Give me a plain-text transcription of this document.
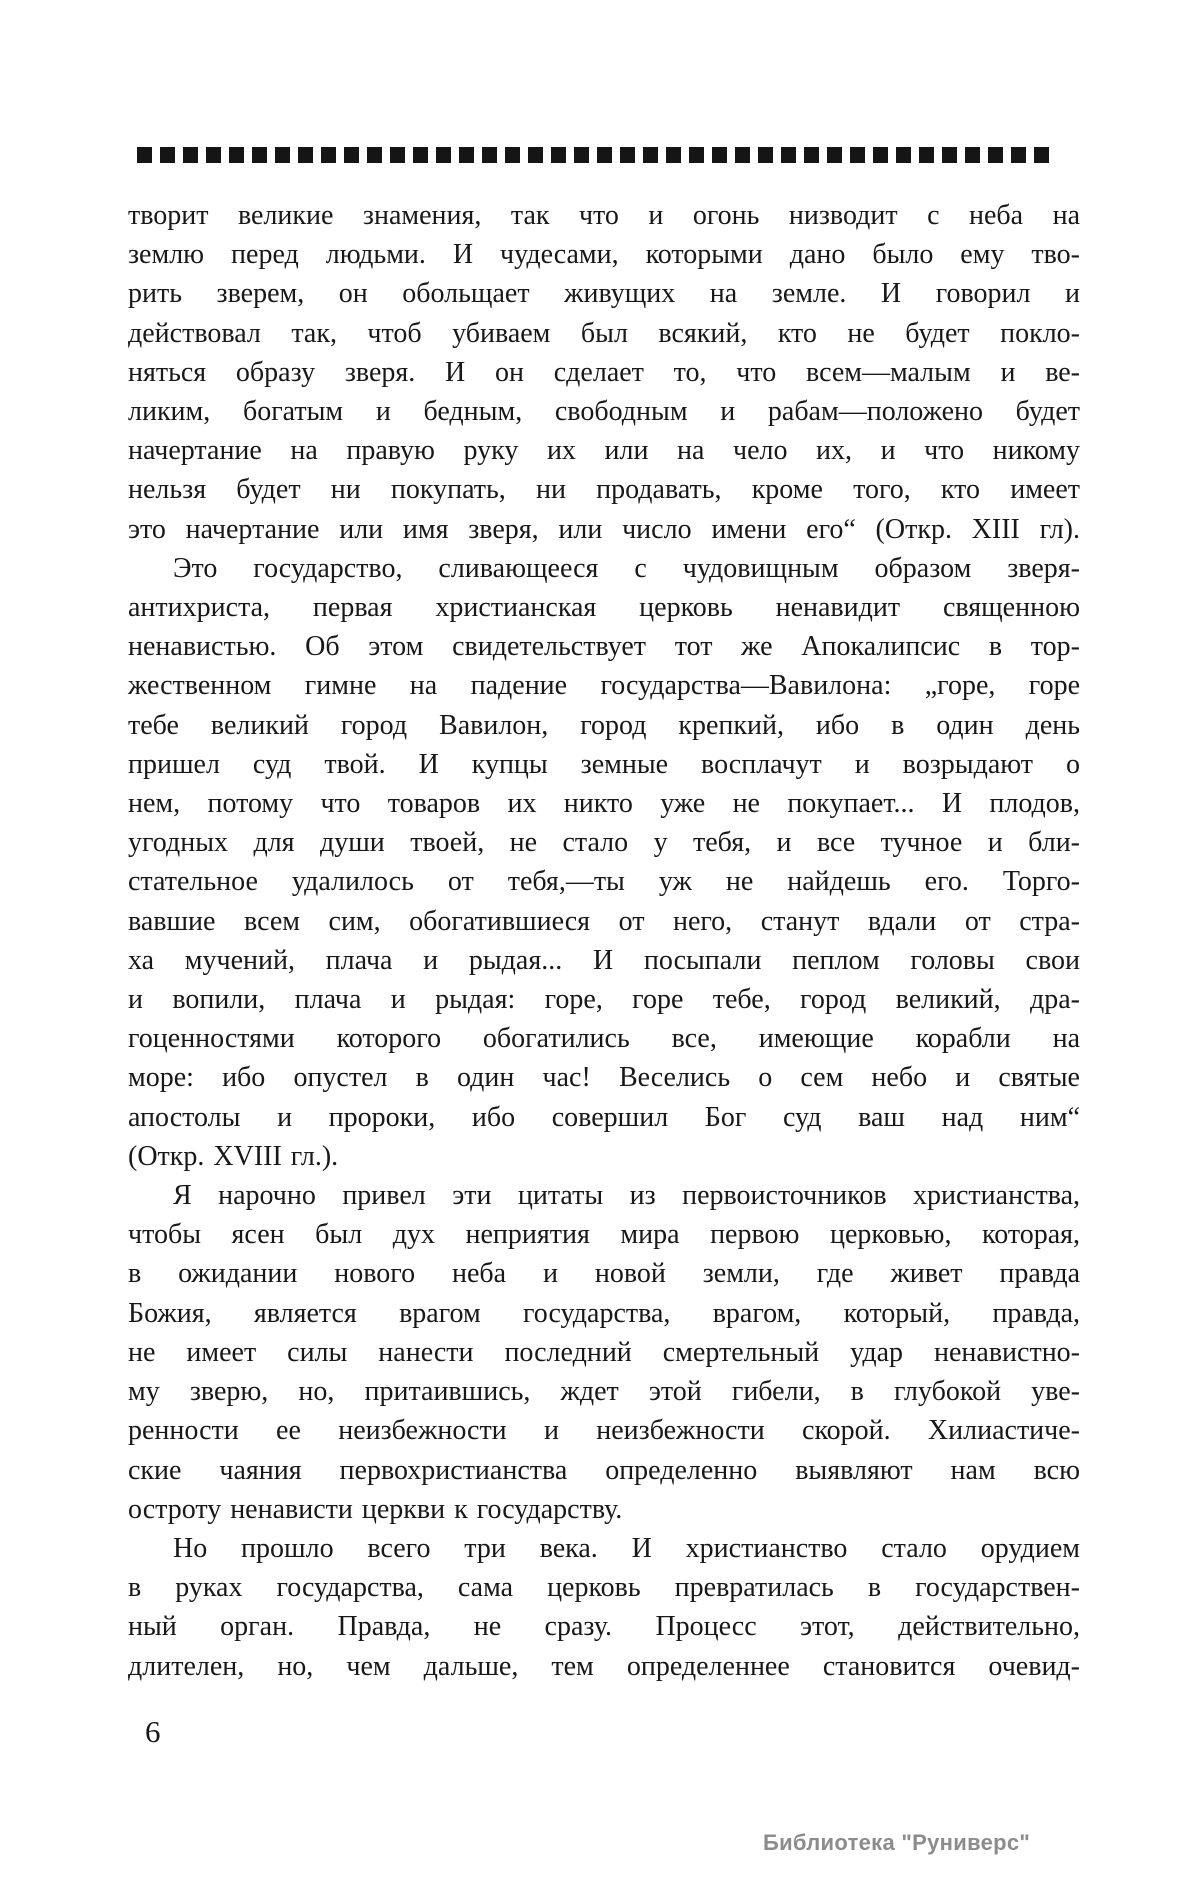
творит великие знамения, так что и огонь низводит с неба на
землю перед людьми. И чудесами, которыми дано было ему тво-
рить зверем, он обольщает живущих на земле. И говорил и
действовал так, чтоб убиваем был всякий, кто не будет покло-
няться образу зверя. И он сделает то, что всем—малым и ве-
ликим, богатым и бедным, свободным и рабам—положено будет
начертание на правую руку их или на чело их, и что никому
нельзя будет ни покупать, ни продавать, кроме того, кто имеет
это начертание или имя зверя, или число имени его“ (Откр. XIII гл).
Это государство, сливающееся с чудовищным образом зверя-
антихриста, первая христианская церковь ненавидит священною
ненавистью. Об этом свидетельствует тот же Апокалипсис в тор-
жественном гимне на падение государства—Вавилона: „горе, горе
тебе великий город Вавилон, город крепкий, ибо в один день
пришел суд твой. И купцы земные восплачут и возрыдают о
нем, потому что товаров их никто уже не покупает... И плодов,
угодных для души твоей, не стало у тебя, и все тучное и бли-
стательное удалилось от тебя,—ты уж не найдешь его. Торго-
вавшие всем сим, обогатившиеся от него, станут вдали от стра-
ха мучений, плача и рыдая... И посыпали пеплом головы свои
и вопили, плача и рыдая: горе, горе тебе, город великий, дра-
гоценностями которого обогатились все, имеющие корабли на
море: ибо опустел в один час! Веселись о сем небо и святые
апостолы и пророки, ибо совершил Бог суд ваш над ним“
(Откр. XVIII гл.).
Я нарочно привел эти цитаты из первоисточников христианства,
чтобы ясен был дух неприятия мира первою церковью, которая,
в ожидании нового неба и новой земли, где живет правда
Божия, является врагом государства, врагом, который, правда,
не имеет силы нанести последний смертельный удар ненавистно-
му зверю, но, притаившись, ждет этой гибели, в глубокой уве-
ренности ее неизбежности и неизбежности скорой. Хилиастиче-
ские чаяния первохристианства определенно выявляют нам всю
остроту ненависти церкви к государству.
Но прошло всего три века. И христианство стало орудием
в руках государства, сама церковь превратилась в государствен-
ный орган. Правда, не сразу. Процесс этот, действительно,
длителен, но, чем дальше, тем определеннее становится очевид-
6
Библиотека "Руниверс"
